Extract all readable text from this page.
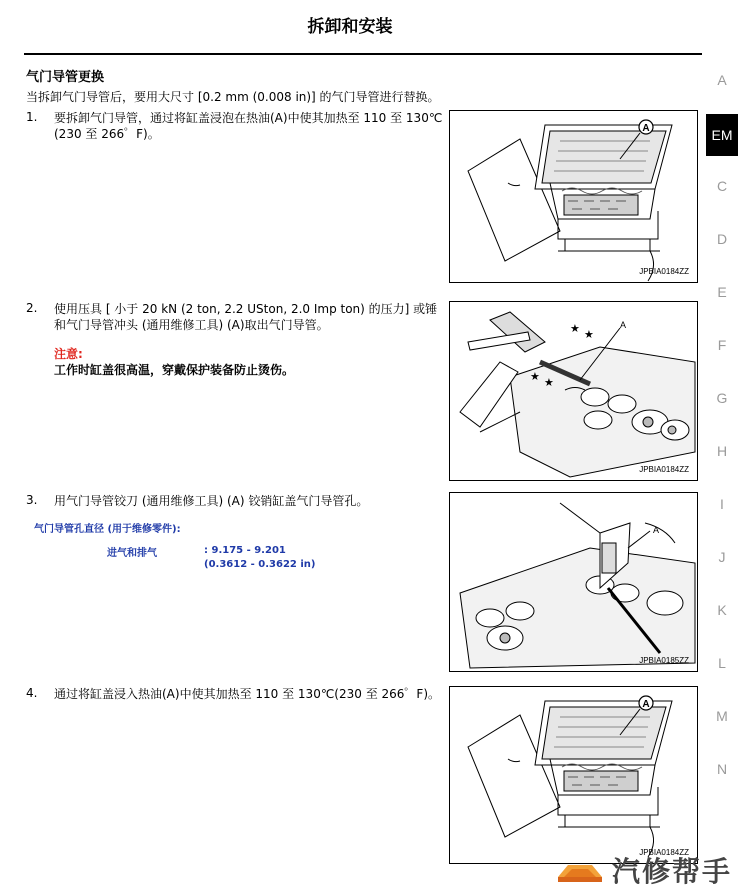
拆卸和安装
气门导管更换
当拆卸气门导管后，要用大尺寸 [0.2 mm (0.008 in)] 的气门导管进行替换。
1. 要拆卸气门导管，通过将缸盖浸泡在热油(A)中使其加热至 110 至 130℃ (230 至 266゜F)。
2. 使用压具 [ 小于 20 kN (2 ton, 2.2 USton, 2.0 Imp ton) 的压力] 或锤和气门导管冲头 (通用维修工具) (A)取出气门导管。
注意:
工作时缸盖很高温，穿戴保护装备防止烫伤。
3. 用气门导管铰刀 (通用维修工具) (A) 铰销缸盖气门导管孔。
气门导管孔直径 (用于维修零件):
进气和排气	: 9.175 - 9.201
(0.3612 - 0.3622 in)
4. 通过将缸盖浸入热油(A)中使其加热至 110 至 130℃(230 至 266゜F)。
A
JPBIA0184ZZ
★ ★
★ ★
A
JPBIA0184ZZ
A
JPBIA0185ZZ
A
JPBIA0184ZZ
A
EM
C
D
E
F
G
H
I
J
K
L
M
N
汽修帮手
